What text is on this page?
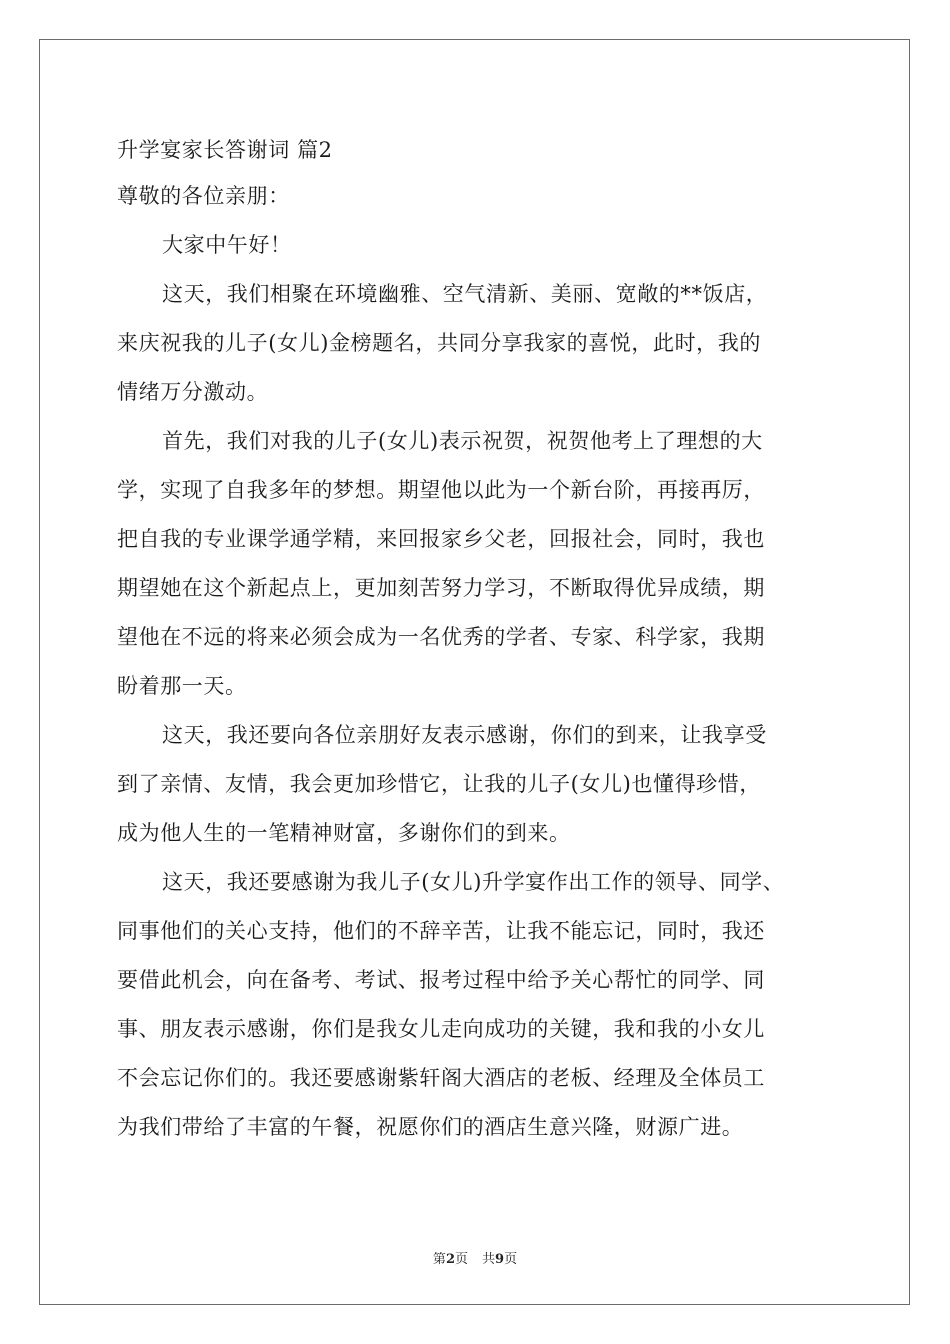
升学宴家长答谢词 篇2
尊敬的各位亲朋：
大家中午好！
这天，我们相聚在环境幽雅、空气清新、美丽、宽敞的**饭店，
来庆祝我的儿子(女儿)金榜题名，共同分享我家的喜悦，此时，我的
情绪万分激动。
首先，我们对我的儿子(女儿)表示祝贺，祝贺他考上了理想的大
学，实现了自我多年的梦想。期望他以此为一个新台阶，再接再厉，
把自我的专业课学通学精，来回报家乡父老，回报社会，同时，我也
期望她在这个新起点上，更加刻苦努力学习，不断取得优异成绩，期
望他在不远的将来必须会成为一名优秀的学者、专家、科学家，我期
盼着那一天。
这天，我还要向各位亲朋好友表示感谢，你们的到来，让我享受
到了亲情、友情，我会更加珍惜它，让我的儿子(女儿)也懂得珍惜，
成为他人生的一笔精神财富，多谢你们的到来。
这天，我还要感谢为我儿子(女儿)升学宴作出工作的领导、同学、
同事他们的关心支持，他们的不辞辛苦，让我不能忘记，同时，我还
要借此机会，向在备考、考试、报考过程中给予关心帮忙的同学、同
事、朋友表示感谢，你们是我女儿走向成功的关键，我和我的小女儿
不会忘记你们的。我还要感谢紫轩阁大酒店的老板、经理及全体员工
为我们带给了丰富的午餐，祝愿你们的酒店生意兴隆，财源广进。
第2页 共9页
